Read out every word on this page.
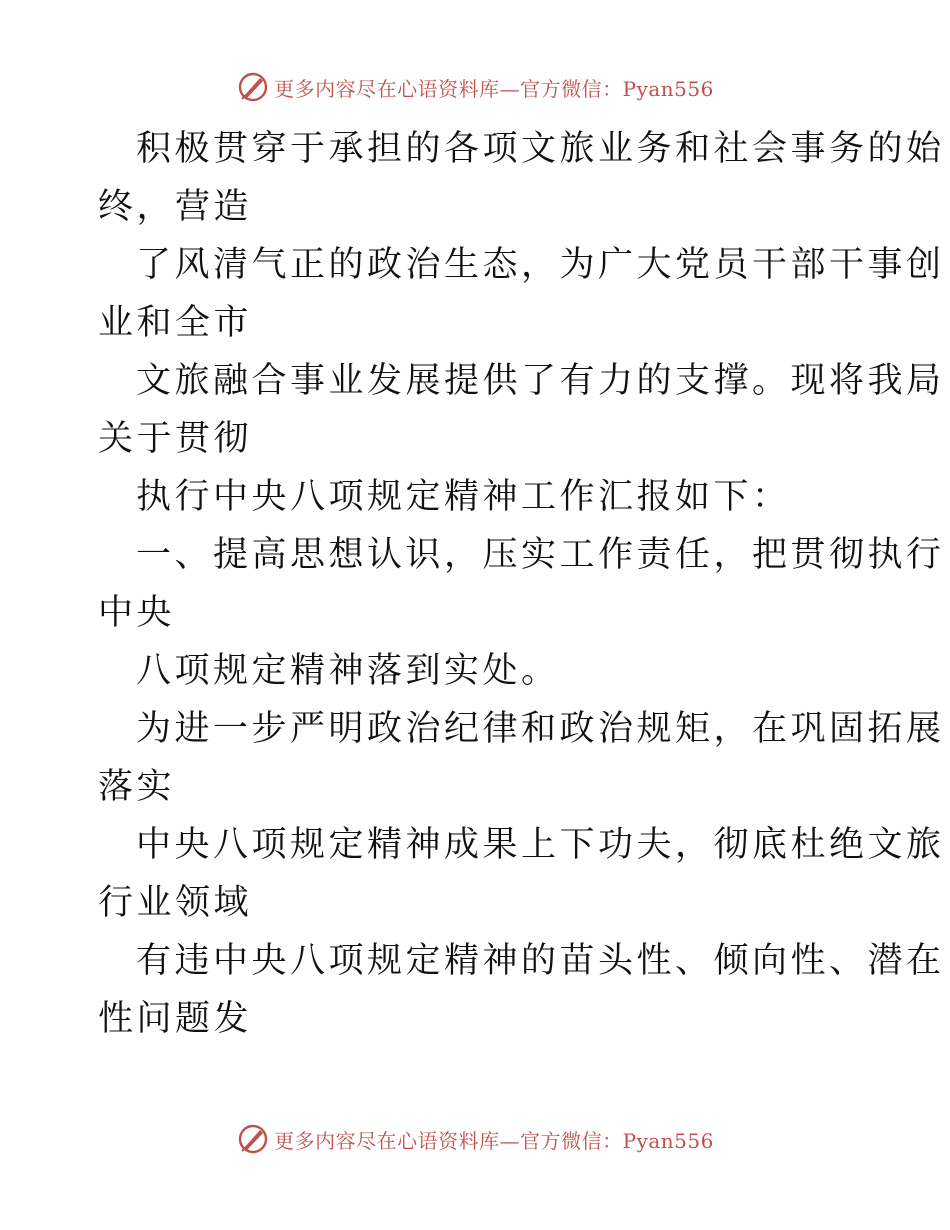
更多内容尽在心语资料库—官方微信：Pyan556

积极贯穿于承担的各项文旅业务和社会事务的始

终，营造

了风清气正的政治生态，为广大党员干部干事创

业和全市

文旅融合事业发展提供了有力的支撑。现将我局

关于贯彻

执行中央八项规定精神工作汇报如下：

一、提高思想认识，压实工作责任，把贯彻执行

中央

八项规定精神落到实处。

为进一步严明政治纪律和政治规矩，在巩固拓展

落实

中央八项规定精神成果上下功夫，彻底杜绝文旅

行业领域

有违中央八项规定精神的苗头性、倾向性、潜在

性问题发

更多内容尽在心语资料库—官方微信：Pyan556
